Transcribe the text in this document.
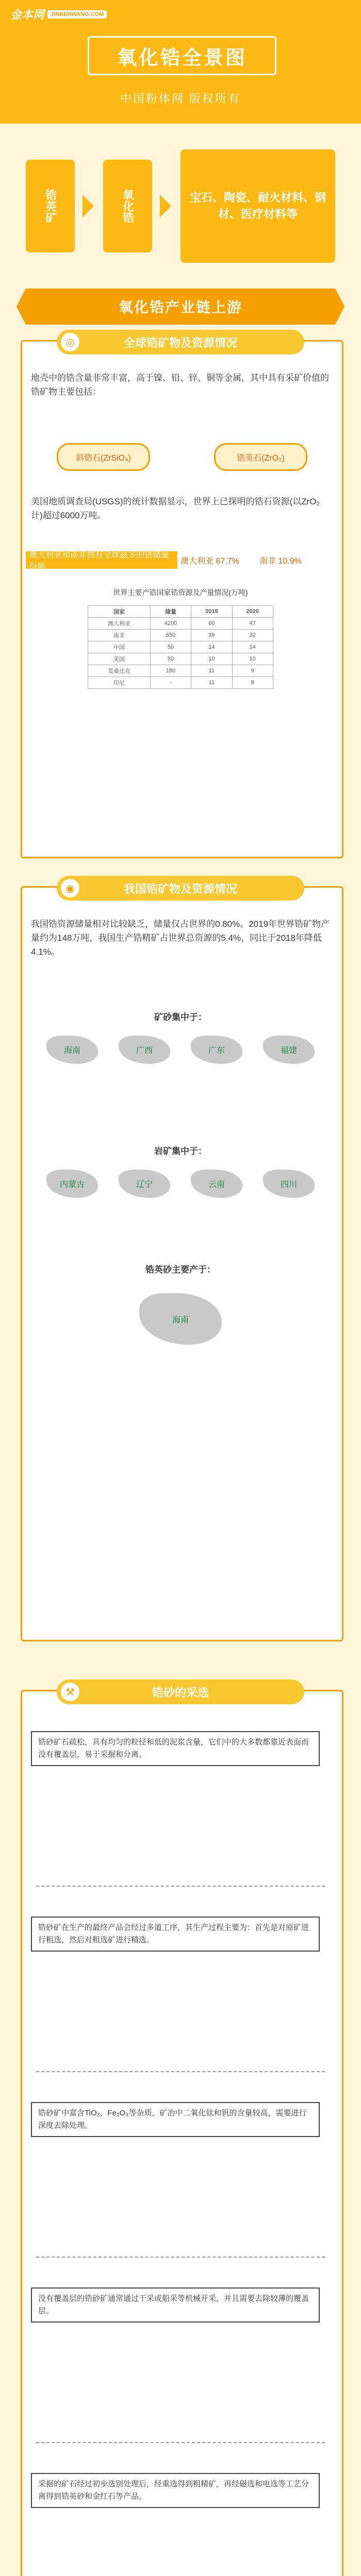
金本网	JINBENWANG.COM
氧化锆全景图
中国粉体网 版权所有
锆英矿	氧化锆	宝石、陶瓷、耐火材料、钢材、医疗材料等
氧化锆产业链上游
◎	全球锆矿物及资源情况
地壳中的锆含量非常丰富，高于镍、铅、锌、铜等金属，其中具有采矿价值的锆矿物主要包括：
斜锆石(ZrSiO₄)	锆英石(ZrO₂)
美国地质调查局(USGS)的统计数据显示，世界上已探明的锆石资源(以ZrO₂计)超过6000万吨。
澳大利亚和南非拥有全球最多的锆储量份额
澳大利亚 67.7%	南非 10.9%
世界主要产锆国家锆资源及产量情况(万吨)
国家	储量	2019	2020
澳大利亚	4200	60	47
南非	650	39	32
中国	50	14	14
美国	50	10	10
莫桑比克	180	11	9
印尼	-	11	8
◉	我国锆矿物及资源情况
我国锆资源储量相对比较缺乏，储量仅占世界的0.80%。2019年世界锆矿物产量约为148万吨，我国生产锆精矿占世界总资源的5.4%，同比于2018年降低4.1%。
矿砂集中于：
海南	广西	广东	福建
岩矿集中于：
内蒙古	辽宁	云南	四川
锆英砂主要产于：
海南
⚒	锆砂的采选
锆砂矿石疏松，具有均匀的粒径和低的泥浆含量，它们中的大多数都靠近表面而没有覆盖层，易于采掘和分离。
锆砂矿在生产的最终产品会经过多道工序，其生产过程主要为：首先是对原矿进行粗选，然后对粗选矿进行精选。
锆砂矿中富含TiO₂、Fe₂O₃等杂质，矿冶中二氧化钛和钒的含量较高，需要进行深度去除处理。
没有覆盖层的锆砂矿通常通过干采或船采等机械开采，并且需要去除较薄的覆盖层。
采掘的矿石经过初步选别处理后，经重选得到粗精矿，再经磁选和电选等工艺分离得到锆英砂和金红石等产品。
